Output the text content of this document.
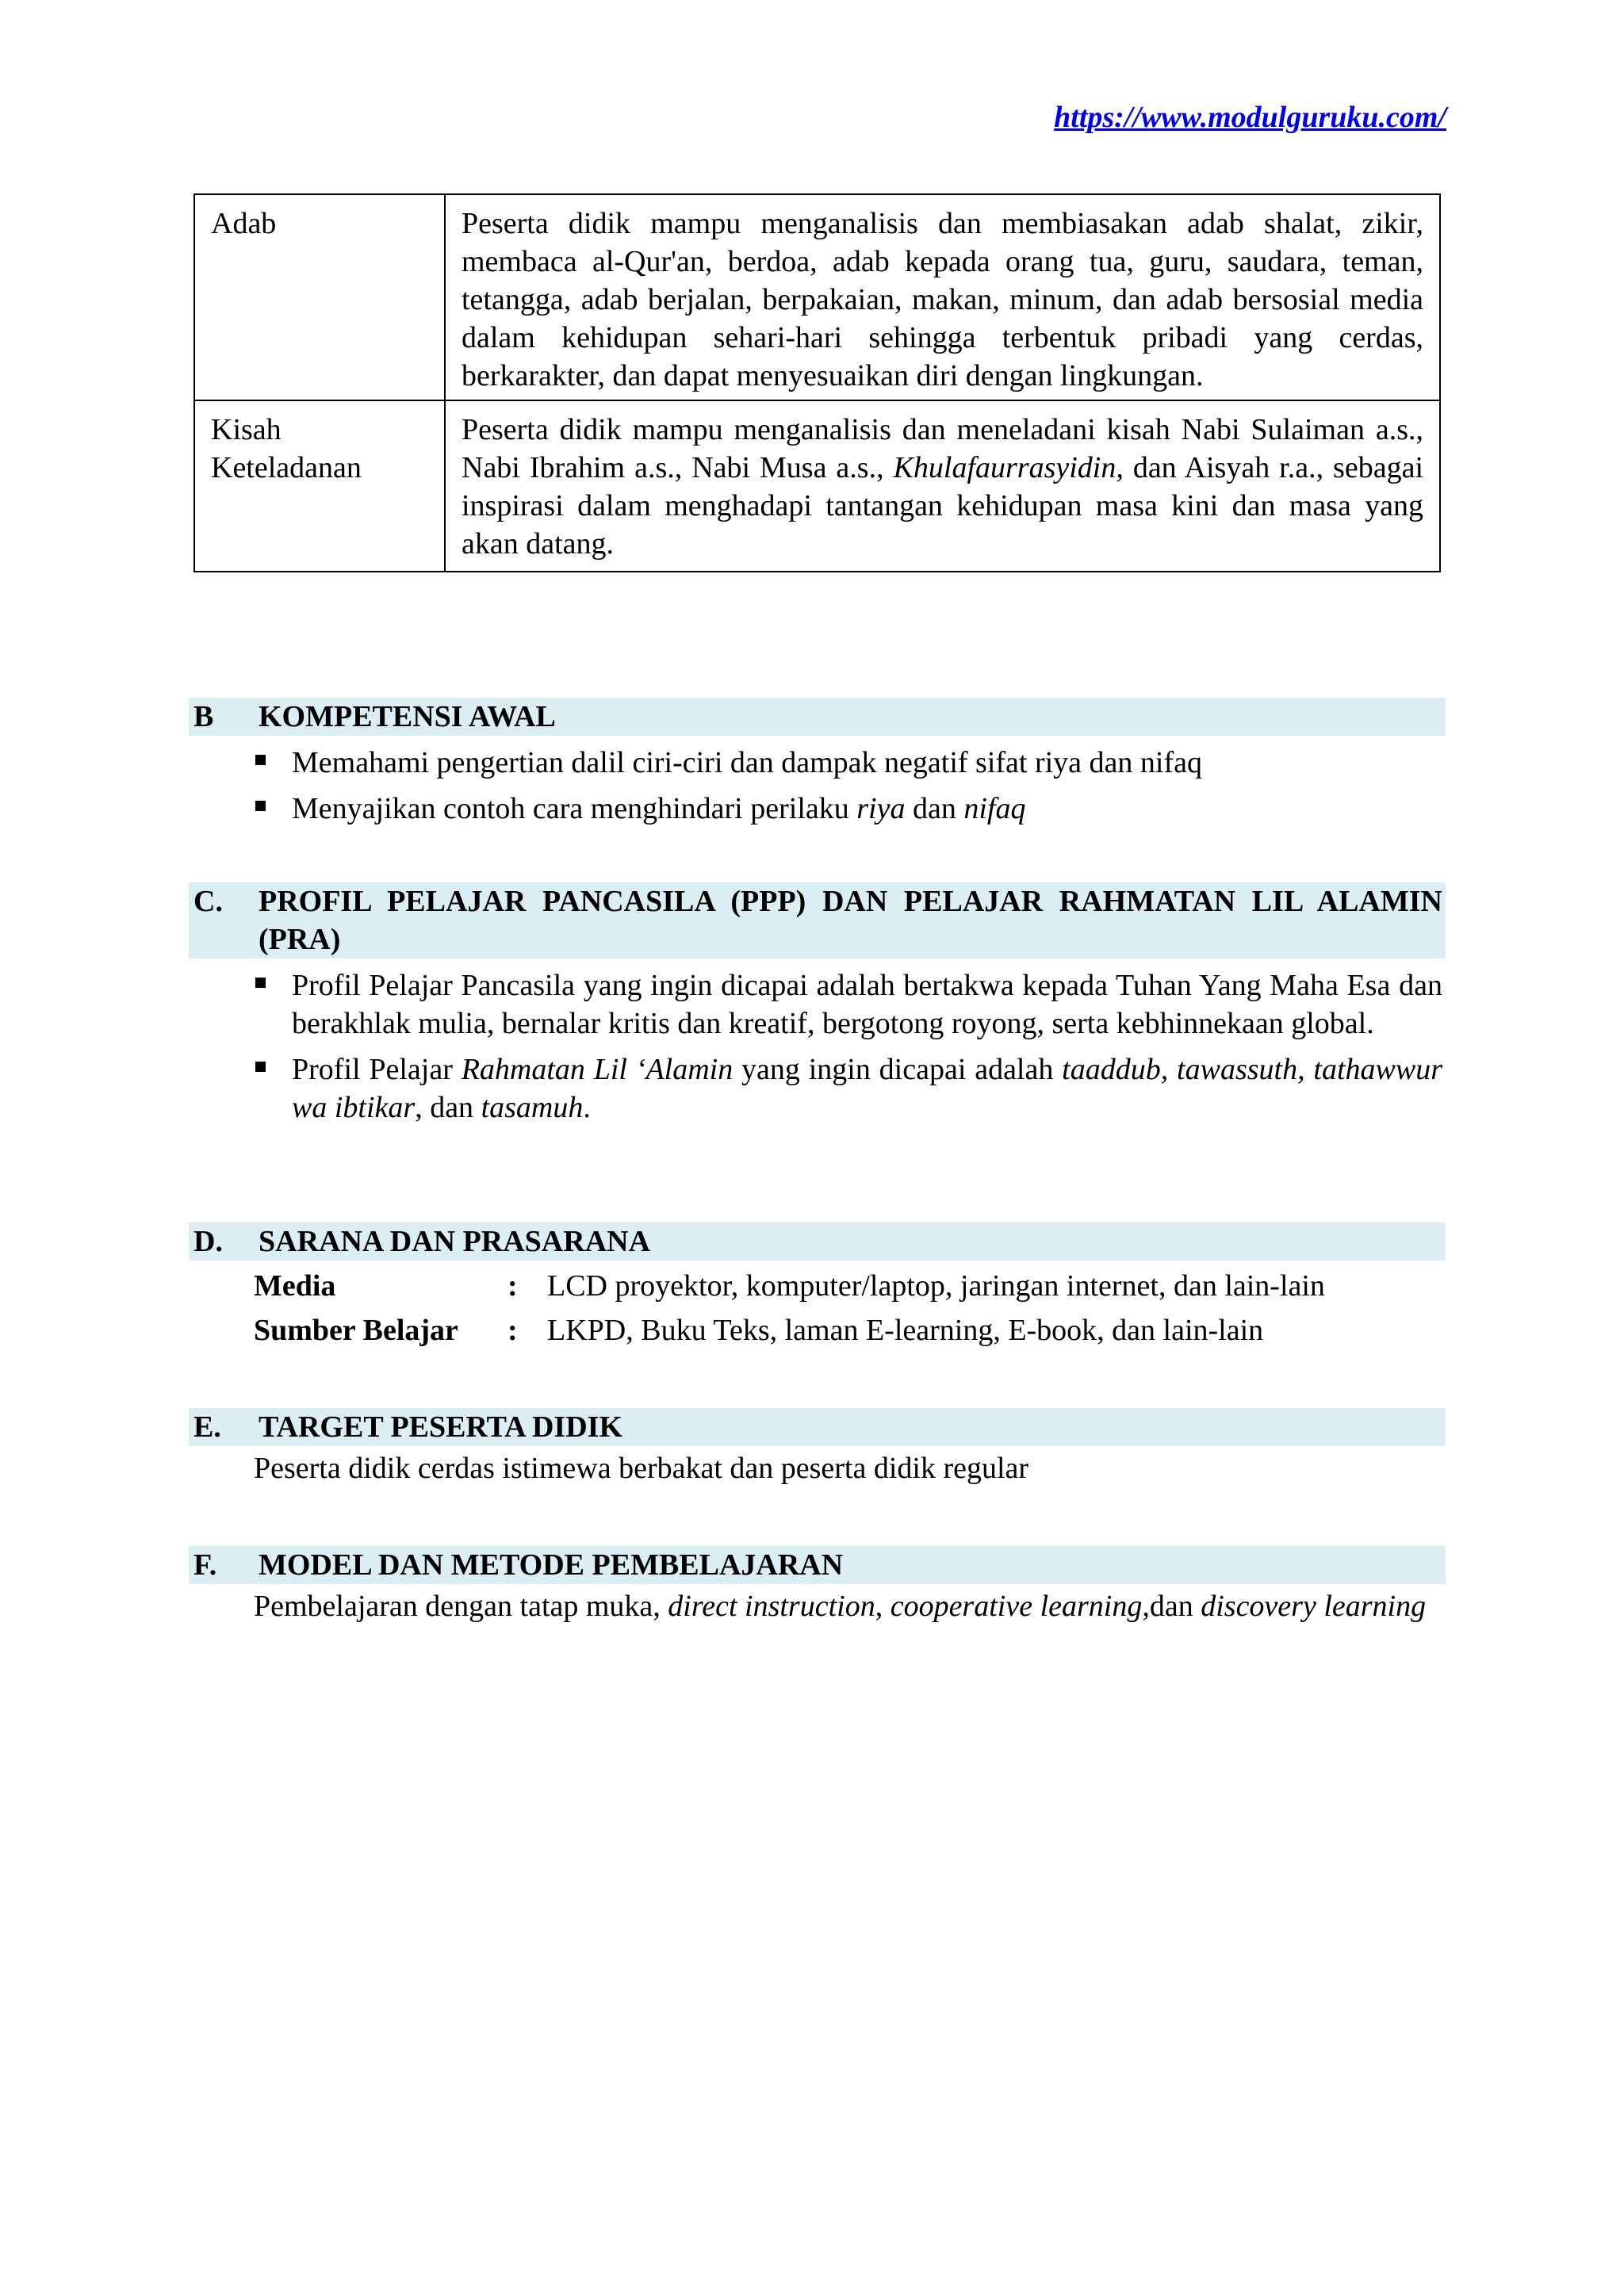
https://www.modulguruku.com/
Adab	Peserta didik mampu menganalisis dan membiasakan adab shalat, zikir, membaca al-Qur'an, berdoa, adab kepada orang tua, guru, saudara, teman, tetangga, adab berjalan, berpakaian, makan, minum, dan adab bersosial media dalam kehidupan sehari-hari sehingga terbentuk pribadi yang cerdas, berkarakter, dan dapat menyesuaikan diri dengan lingkungan.

Kisah
Keteladanan	Peserta didik mampu menganalisis dan meneladani kisah Nabi Sulaiman a.s., Nabi Ibrahim a.s., Nabi Musa a.s., Khulafaurrasyidin, dan Aisyah r.a., sebagai inspirasi dalam menghadapi tantangan kehidupan masa kini dan masa yang akan datang.
B	KOMPETENSI AWAL
Memahami pengertian dalil ciri-ciri dan dampak negatif sifat riya dan nifaq
Menyajikan contoh cara menghindari perilaku riya dan nifaq
C.	PROFIL PELAJAR PANCASILA (PPP) DAN PELAJAR RAHMATAN LIL ALAMIN (PRA)
Profil Pelajar Pancasila yang ingin dicapai adalah bertakwa kepada Tuhan Yang Maha Esa dan berakhlak mulia, bernalar kritis dan kreatif, bergotong royong, serta kebhinnekaan global.
Profil Pelajar Rahmatan Lil ‘Alamin yang ingin dicapai adalah taaddub, tawassuth, tathawwur wa ibtikar, dan tasamuh.
D.	SARANA DAN PRASARANA
Media	: LCD proyektor, komputer/laptop, jaringan internet, dan lain-lain
Sumber Belajar	: LKPD, Buku Teks, laman E-learning, E-book, dan lain-lain
E.	TARGET PESERTA DIDIK
Peserta didik cerdas istimewa berbakat dan peserta didik regular
F.	MODEL DAN METODE PEMBELAJARAN
Pembelajaran dengan tatap muka, direct instruction, cooperative learning,dan discovery learning
